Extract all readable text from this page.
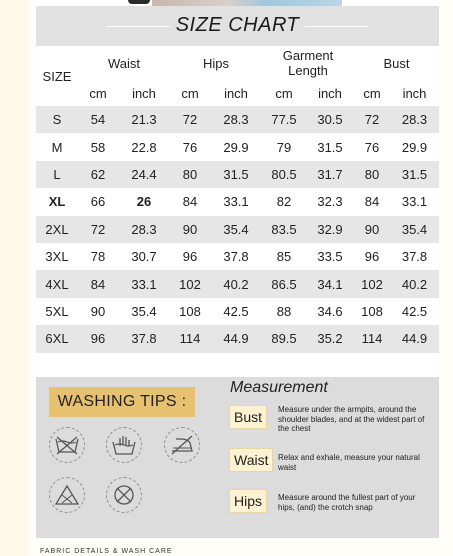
SIZE CHART
SIZE	Waist		Hips		Garment Length		Bust	
	cm	inch	cm	inch	cm	inch	cm	inch
S	54	21.3	72	28.3	77.5	30.5	72	28.3
M	58	22.8	76	29.9	79	31.5	76	29.9
L	62	24.4	80	31.5	80.5	31.7	80	31.5
XL	66	26	84	33.1	82	32.3	84	33.1
2XL	72	28.3	90	35.4	83.5	32.9	90	35.4
3XL	78	30.7	96	37.8	85	33.5	96	37.8
4XL	84	33.1	102	40.2	86.5	34.1	102	40.2
5XL	90	35.4	108	42.5	88	34.6	108	42.5
6XL	96	37.8	114	44.9	89.5	35.2	114	44.9
WASHING TIPS :
Measurement
Bust	Measure under the armpits, around the shoulder blades, and at the widest part of the chest
Waist	Relax and exhale, measure your natural waist
Hips	Measure around the fullest part of your hips, (and) the crotch snap
FABRIC DETAILS & WASH CARE
